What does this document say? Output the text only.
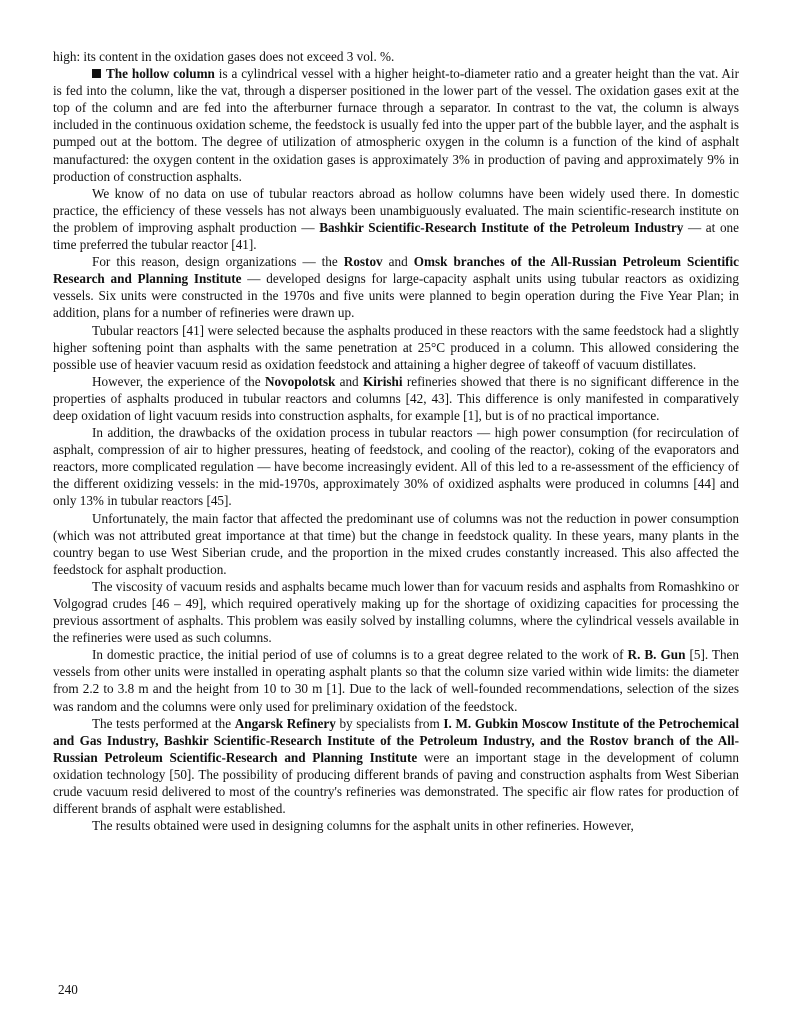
high: its content in the oxidation gases does not exceed 3 vol. %.

The hollow column is a cylindrical vessel with a higher height-to-diameter ratio and a greater height than the vat. Air is fed into the column, like the vat, through a disperser positioned in the lower part of the vessel. The oxidation gases exit at the top of the column and are fed into the afterburner furnace through a separator. In contrast to the vat, the column is always included in the continuous oxidation scheme, the feedstock is usually fed into the upper part of the bubble layer, and the asphalt is pumped out at the bottom. The degree of utilization of atmospheric oxygen in the column is a function of the kind of asphalt manufactured: the oxygen content in the oxidation gases is approximately 3% in production of paving and approximately 9% in production of construction asphalts.

We know of no data on use of tubular reactors abroad as hollow columns have been widely used there. In domestic practice, the efficiency of these vessels has not always been unambiguously evaluated. The main scientific-research institute on the problem of improving asphalt production — Bashkir Scientific-Research Institute of the Petroleum Industry — at one time preferred the tubular reactor [41].

For this reason, design organizations — the Rostov and Omsk branches of the All-Russian Petroleum Scientific Research and Planning Institute — developed designs for large-capacity asphalt units using tubular reactors as oxidizing vessels. Six units were constructed in the 1970s and five units were planned to begin operation during the Five Year Plan; in addition, plans for a number of refineries were drawn up.

Tubular reactors [41] were selected because the asphalts produced in these reactors with the same feedstock had a slightly higher softening point than asphalts with the same penetration at 25°C produced in a column. This allowed considering the possible use of heavier vacuum resid as oxidation feedstock and attaining a higher degree of takeoff of vacuum distillates.

However, the experience of the Novopolotsk and Kirishi refineries showed that there is no significant difference in the properties of asphalts produced in tubular reactors and columns [42, 43]. This difference is only manifested in comparatively deep oxidation of light vacuum resids into construction asphalts, for example [1], but is of no practical importance.

In addition, the drawbacks of the oxidation process in tubular reactors — high power consumption (for recirculation of asphalt, compression of air to higher pressures, heating of feedstock, and cooling of the reactor), coking of the evaporators and reactors, more complicated regulation — have become increasingly evident. All of this led to a re-assessment of the efficiency of the different oxidizing vessels: in the mid-1970s, approximately 30% of oxidized asphalts were produced in columns [44] and only 13% in tubular reactors [45].

Unfortunately, the main factor that affected the predominant use of columns was not the reduction in power consumption (which was not attributed great importance at that time) but the change in feedstock quality. In these years, many plants in the country began to use West Siberian crude, and the proportion in the mixed crudes constantly increased. This also affected the feedstock for asphalt production.

The viscosity of vacuum resids and asphalts became much lower than for vacuum resids and asphalts from Romashkino or Volgograd crudes [46 – 49], which required operatively making up for the shortage of oxidizing capacities for processing the previous assortment of asphalts. This problem was easily solved by installing columns, where the cylindrical vessels available in the refineries were used as such columns.

In domestic practice, the initial period of use of columns is to a great degree related to the work of R. B. Gun [5]. Then vessels from other units were installed in operating asphalt plants so that the column size varied within wide limits: the diameter from 2.2 to 3.8 m and the height from 10 to 30 m [1]. Due to the lack of well-founded recommendations, selection of the sizes was random and the columns were only used for preliminary oxidation of the feedstock.

The tests performed at the Angarsk Refinery by specialists from I. M. Gubkin Moscow Institute of the Petrochemical and Gas Industry, Bashkir Scientific-Research Institute of the Petroleum Industry, and the Rostov branch of the All-Russian Petroleum Scientific-Research and Planning Institute were an important stage in the development of column oxidation technology [50]. The possibility of producing different brands of paving and construction asphalts from West Siberian crude vacuum resid delivered to most of the country's refineries was demonstrated. The specific air flow rates for production of different brands of asphalt were established.

The results obtained were used in designing columns for the asphalt units in other refineries. However,

240
